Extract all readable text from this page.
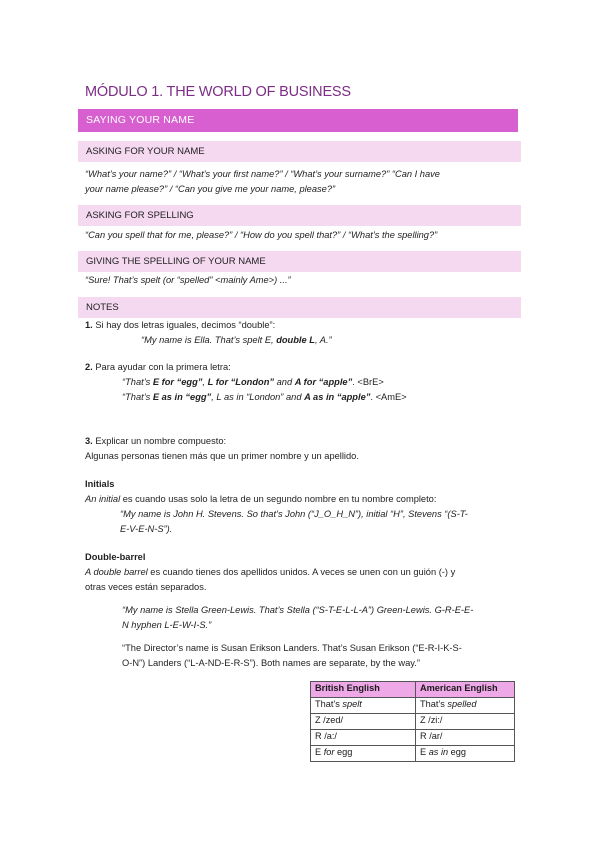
MÓDULO 1. THE WORLD OF BUSINESS
SAYING YOUR NAME
ASKING FOR YOUR NAME
“What’s your name?” / “What’s your first name?” / “What’s your surname?” “Can I have
your name please?” / “Can you give me your name, please?”
ASKING FOR SPELLING
“Can you spell that for me, please?” / “How do you spell that?” / “What’s the spelling?”
GIVING THE SPELLING OF YOUR NAME
“Sure! That’s spelt (or “spelled” <mainly Ame>) ...”
NOTES
1. Si hay dos letras iguales, decimos “double”:
“My name is Ella. That’s spelt E, double L, A.”
2. Para ayudar con la primera letra:
“That’s E for “egg”, L for “London” and A for “apple”. <BrE>
“That’s E as in “egg”, L as in “London” and A as in “apple”. <AmE>
3. Explicar un nombre compuesto:
Algunas personas tienen más que un primer nombre y un apellido.
Initials
An initial es cuando usas solo la letra de un segundo nombre en tu nombre completo:
“My name is John H. Stevens. So that’s John (“J_O_H_N”), initial “H”, Stevens “(S-T-
E-V-E-N-S”).
Double-barrel
A double barrel es cuando tienes dos apellidos unidos. A veces se unen con un guión (-) y
otras veces están separados.
“My name is Stella Green-Lewis. That’s Stella (“S-T-E-L-L-A”) Green-Lewis. G-R-E-E-
N hyphen L-E-W-I-S.”
“The Director’s name is Susan Erikson Landers. That’s Susan Erikson (“E-R-I-K-S-
O-N”) Landers (“L-A-ND-E-R-S”). Both names are separate, by the way.”
British English	American English
That’s spelt	That’s spelled
Z /zed/	Z /zi:/
R /a:/	R /ar/
E for egg	E as in egg
